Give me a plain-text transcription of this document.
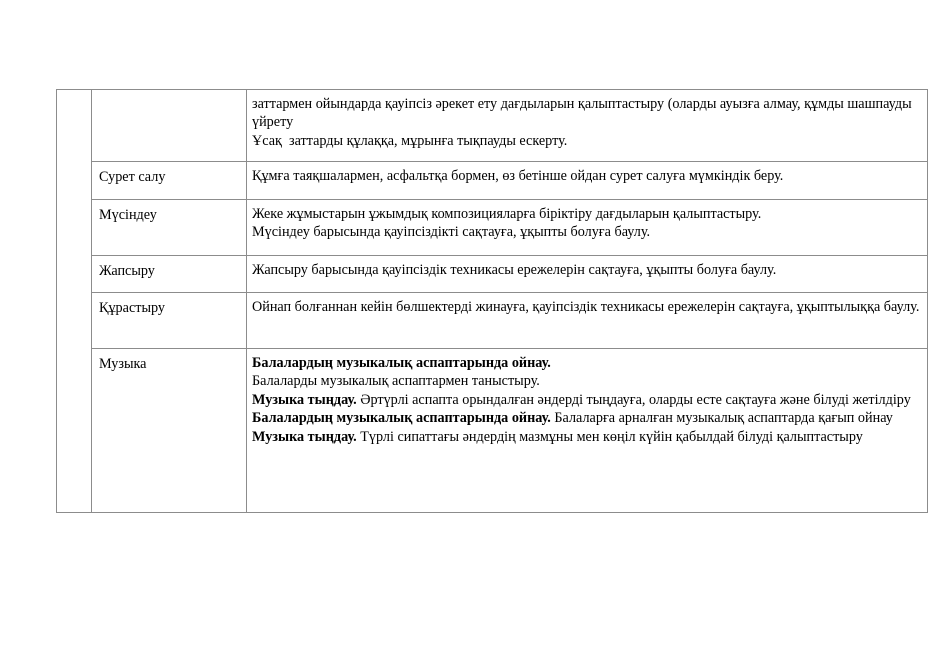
		заттармен ойындарда қауіпсіз әрекет ету дағдыларын қалыптастыру (оларды ауызға алмау, құмды шашпауды үйрету
Ұсақ  заттарды құлаққа, мұрынға тықпауды ескерту.

	Сурет салу	Құмға таяқшалармен, асфальтқа бормен, өз бетінше ойдан сурет салуға мүмкіндік беру.

	Мүсіндеу	Жеке жұмыстарын ұжымдық композицияларға біріктіру дағдыларын қалыптастыру.
Мүсіндеу барысында қауіпсіздікті сақтауға, ұқыпты болуға баулу.

	Жапсыру	Жапсыру барысында қауіпсіздік техникасы ережелерін сақтауға, ұқыпты болуға баулу.

	Құрастыру	Ойнап болғаннан кейін бөлшектерді жинауға, қауіпсіздік техникасы ережелерін сақтауға, ұқыптылыққа баулу.

	Музыка	Балалардың музыкалық аспаптарында ойнау.
Балаларды музыкалық аспаптармен таныстыру.
Музыка тыңдау. Әртүрлі аспапта орындалған әндерді тыңдауға, оларды есте сақтауға және білуді жетілдіру
Балалардың музыкалық аспаптарында ойнау. Балаларға арналған музыкалық аспаптарда қағып ойнау
Музыка тыңдау. Түрлі сипаттағы әндердің мазмұны мен көңіл күйін қабылдай білуді қалыптастыру
